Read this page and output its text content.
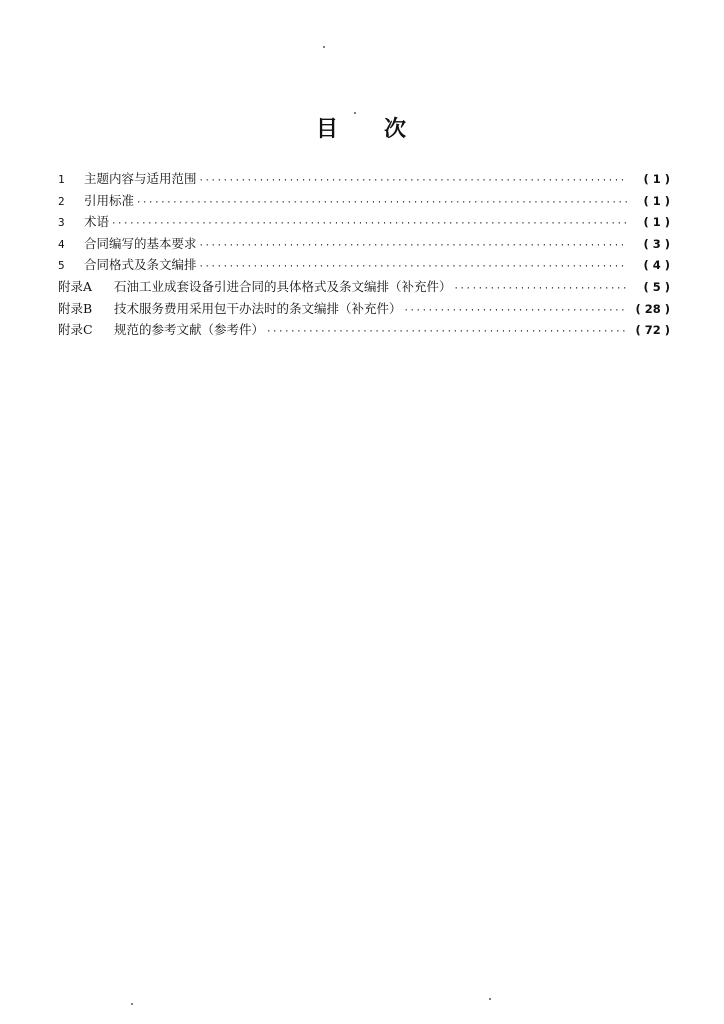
目 次
1	主题内容与适用范围 ·····	( 1 )
2	引用标准 ·····	( 1 )
3	术语 ·····	( 1 )
4	合同编写的基本要求 ·····	( 3 )
5	合同格式及条文编排 ·····	( 4 )
附录A	石油工业成套设备引进合同的具体格式及条文编排（补充件） ·····	( 5 )
附录B	技术服务费用采用包干办法时的条文编排（补充件） ·····	( 28 )
附录C	规范的参考文献（参考件） ·····	( 72 )
